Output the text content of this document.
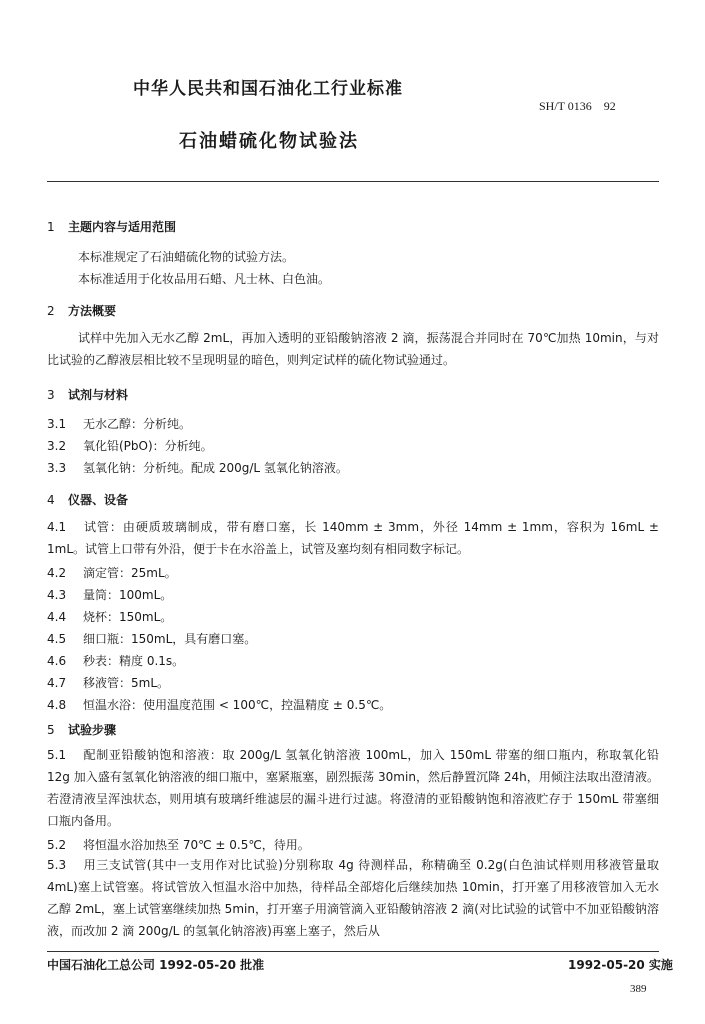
中华人民共和国石油化工行业标准
SH/T 0136　92
石油蜡硫化物试验法
1 主题内容与适用范围
本标准规定了石油蜡硫化物的试验方法。
本标准适用于化妆品用石蜡、凡士林、白色油。
2 方法概要
试样中先加入无水乙醇 2mL，再加入透明的亚铅酸钠溶液 2 滴，振荡混合并同时在 70℃加热 10min，与对比试验的乙醇液层相比较不呈现明显的暗色，则判定试样的硫化物试验通过。
3 试剂与材料
3.1 无水乙醇：分析纯。
3.2 氧化铅(PbO)：分析纯。
3.3 氢氧化钠：分析纯。配成 200g/L 氢氧化钠溶液。
4 仪器、设备
4.1 试管：由硬质玻璃制成，带有磨口塞，长 140mm ± 3mm，外径 14mm ± 1mm，容积为 16mL ± 1mL。试管上口带有外沿，便于卡在水浴盖上，试管及塞均刻有相同数字标记。
4.2 滴定管：25mL。
4.3 量筒：100mL。
4.4 烧杯：150mL。
4.5 细口瓶：150mL，具有磨口塞。
4.6 秒表：精度 0.1s。
4.7 移液管：5mL。
4.8 恒温水浴：使用温度范围 < 100℃，控温精度 ± 0.5℃。
5 试验步骤
5.1 配制亚铅酸钠饱和溶液：取 200g/L 氢氧化钠溶液 100mL，加入 150mL 带塞的细口瓶内，称取氧化铅 12g 加入盛有氢氧化钠溶液的细口瓶中，塞紧瓶塞，剧烈振荡 30min，然后静置沉降 24h，用倾注法取出澄清液。若澄清液呈浑浊状态，则用填有玻璃纤维滤层的漏斗进行过滤。将澄清的亚铅酸钠饱和溶液贮存于 150mL 带塞细口瓶内备用。
5.2 将恒温水浴加热至 70℃ ± 0.5℃，待用。
5.3 用三支试管(其中一支用作对比试验)分别称取 4g 待测样品，称精确至 0.2g(白色油试样则用移液管量取 4mL)塞上试管塞。将试管放入恒温水浴中加热，待样品全部熔化后继续加热 10min，打开塞了用移液管加入无水乙醇 2mL，塞上试管塞继续加热 5min，打开塞子用滴管滴入亚铅酸钠溶液 2 滴(对比试验的试管中不加亚铅酸钠溶液，而改加 2 滴 200g/L 的氢氧化钠溶液)再塞上塞子，然后从
中国石油化工总公司 1992-05-20 批准	1992-05-20 实施
389
